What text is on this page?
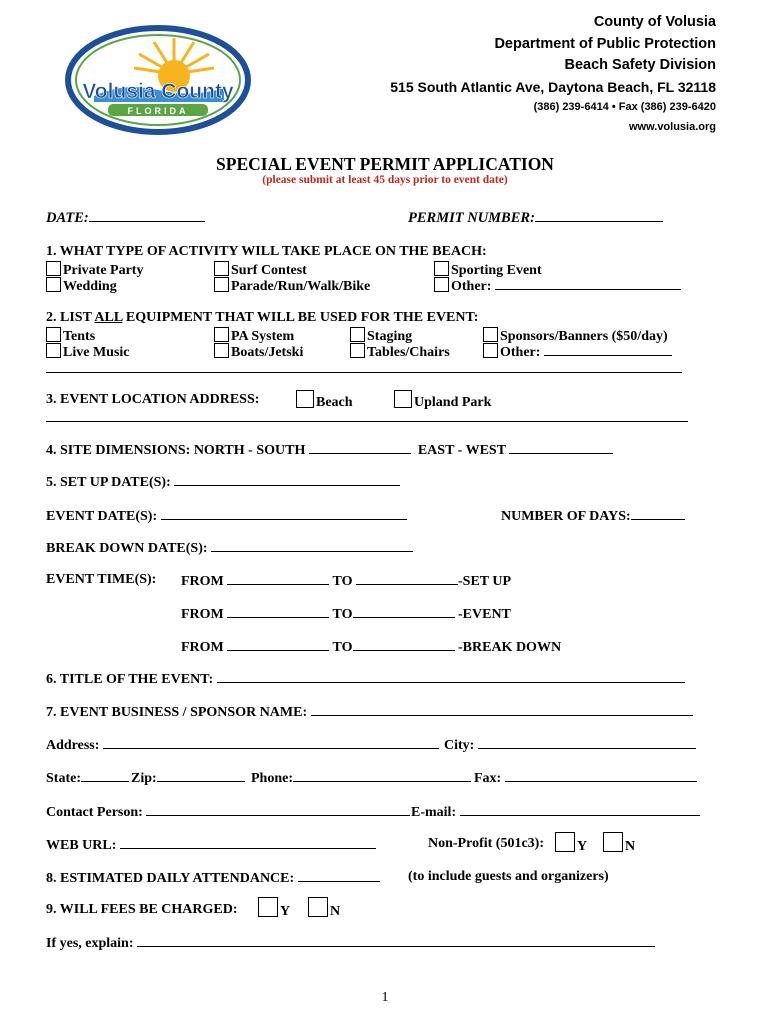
Volusia County
FLORIDA
County of Volusia
Department of Public Protection
Beach Safety Division
515 South Atlantic Ave, Daytona Beach, FL 32118
(386) 239-6414 • Fax (386) 239-6420
www.volusia.org
SPECIAL EVENT PERMIT APPLICATION
(please submit at least 45 days prior to event date)
DATE:	PERMIT NUMBER:
1. WHAT TYPE OF ACTIVITY WILL TAKE PLACE ON THE BEACH:
Private Party	Surf Contest	Sporting Event
Wedding	Parade/Run/Walk/Bike	Other:
2. LIST ALL EQUIPMENT THAT WILL BE USED FOR THE EVENT:
Tents	PA System	Staging	Sponsors/Banners ($50/day)
Live Music	Boats/Jetski	Tables/Chairs	Other:
3. EVENT LOCATION ADDRESS:	Beach	Upland Park
4. SITE DIMENSIONS: NORTH - SOUTH	EAST - WEST
5. SET UP DATE(S):
EVENT DATE(S):	NUMBER OF DAYS:
BREAK DOWN DATE(S):
EVENT TIME(S): FROM	TO	-SET UP
FROM	TO	-EVENT
FROM	TO	-BREAK DOWN
6. TITLE OF THE EVENT:
7. EVENT BUSINESS / SPONSOR NAME:
Address:	City:
State:	Zip:	Phone:	Fax:
Contact Person:	E-mail:
WEB URL:	Non-Profit (501c3):	Y	N
8. ESTIMATED DAILY ATTENDANCE:	(to include guests and organizers)
9. WILL FEES BE CHARGED:	Y	N
If yes, explain:
1
